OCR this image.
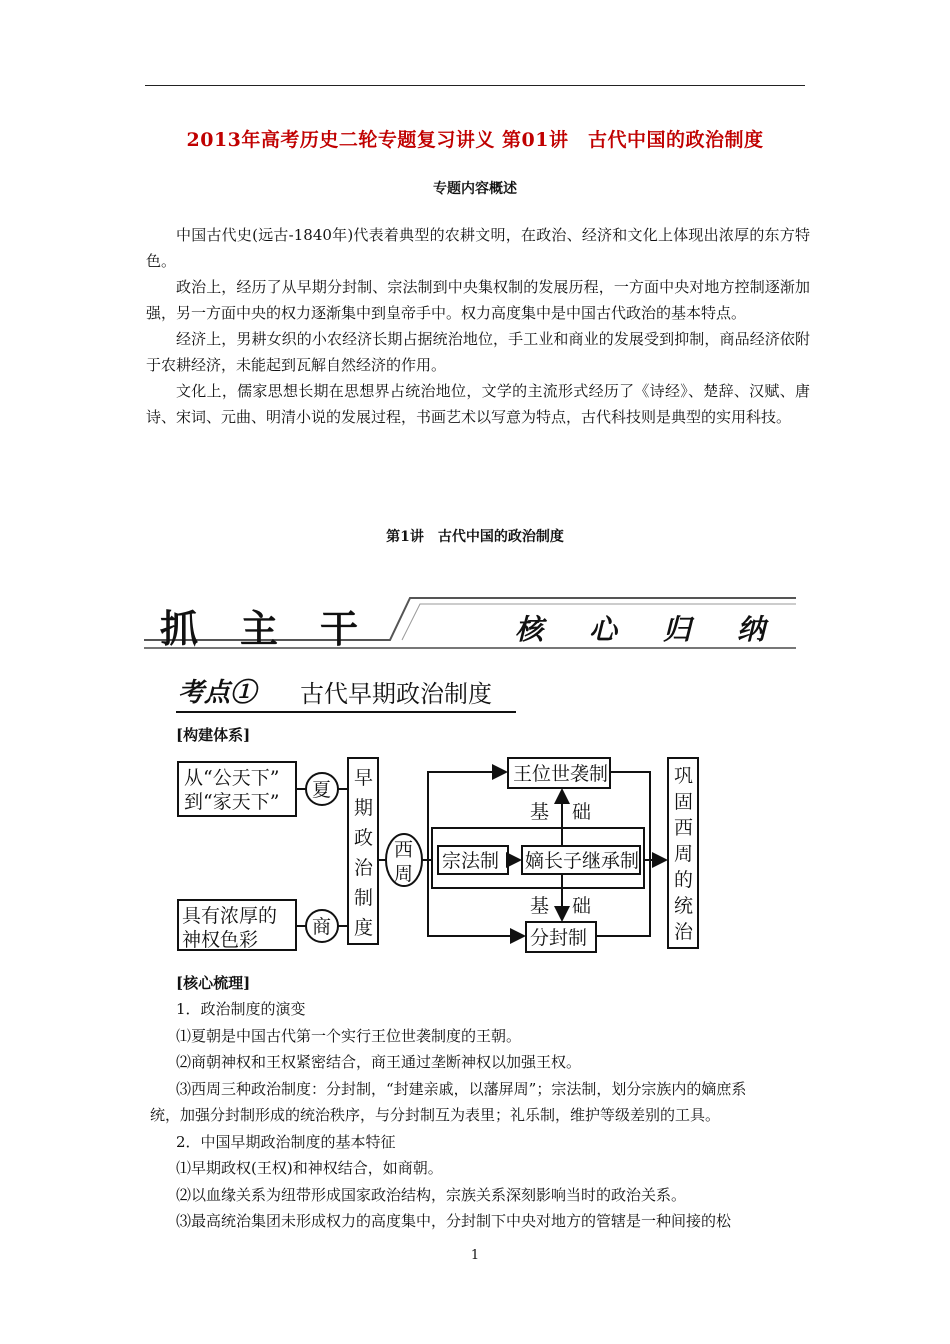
2013年高考历史二轮专题复习讲义 第01讲　古代中国的政治制度
专题内容概述

中国古代史(远古-1840年)代表着典型的农耕文明，在政治、经济和文化上体现出浓厚的东方特色。

政治上，经历了从早期分封制、宗法制到中央集权制的发展历程，一方面中央对地方控制逐渐加强，另一方面中央的权力逐渐集中到皇帝手中。权力高度集中是中国古代政治的基本特点。

经济上，男耕女织的小农经济长期占据统治地位，手工业和商业的发展受到抑制，商品经济依附于农耕经济，未能起到瓦解自然经济的作用。

文化上，儒家思想长期在思想界占统治地位，文学的主流形式经历了《诗经》、楚辞、汉赋、唐诗、宋词、元曲、明清小说的发展过程，书画艺术以写意为特点，古代科技则是典型的实用科技。

第1讲　古代中国的政治制度
抓主干	核心归纳
考点① 古代早期政治制度
[构建体系]
从“公天下”
到“家天下”
夏
具有浓厚的
神权色彩
商
早
期
政
治
制
度
西
周
王位世袭制
基 础
宗法制 嫡长子继承制
基 础
分封制
巩
固
西
周
的
统
治
[核心梳理]

1．政治制度的演变

⑴夏朝是中国古代第一个实行王位世袭制度的王朝。

⑵商朝神权和王权紧密结合，商王通过垄断神权以加强王权。

⑶西周三种政治制度：分封制，“封建亲戚，以藩屏周”；宗法制，划分宗族内的嫡庶系

统，加强分封制形成的统治秩序，与分封制互为表里；礼乐制，维护等级差别的工具。

2．中国早期政治制度的基本特征

⑴早期政权(王权)和神权结合，如商朝。

⑵以血缘关系为纽带形成国家政治结构，宗族关系深刻影响当时的政治关系。

⑶最高统治集团未形成权力的高度集中，分封制下中央对地方的管辖是一种间接的松

1
